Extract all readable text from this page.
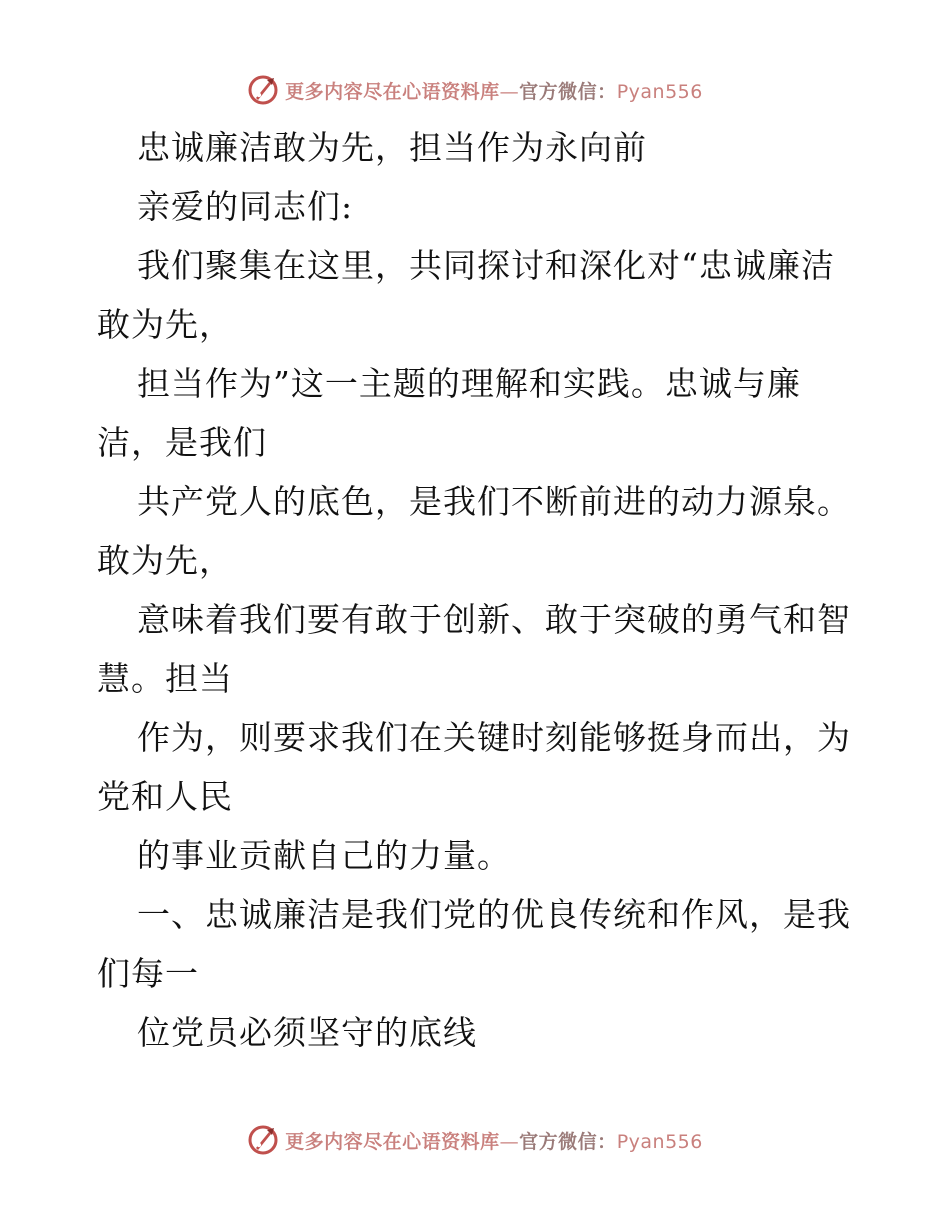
更多内容尽在心语资料库—官方微信：Pyan556
忠诚廉洁敢为先，担当作为永向前
亲爱的同志们:
我们聚集在这里，共同探讨和深化对“忠诚廉洁
敢为先，
担当作为”这一主题的理解和实践。忠诚与廉
洁，是我们
共产党人的底色，是我们不断前进的动力源泉。
敢为先，
意味着我们要有敢于创新、敢于突破的勇气和智
慧。担当
作为，则要求我们在关键时刻能够挺身而出，为
党和人民
的事业贡献自己的力量。
一、忠诚廉洁是我们党的优良传统和作风，是我
们每一
位党员必须坚守的底线
更多内容尽在心语资料库—官方微信：Pyan556
